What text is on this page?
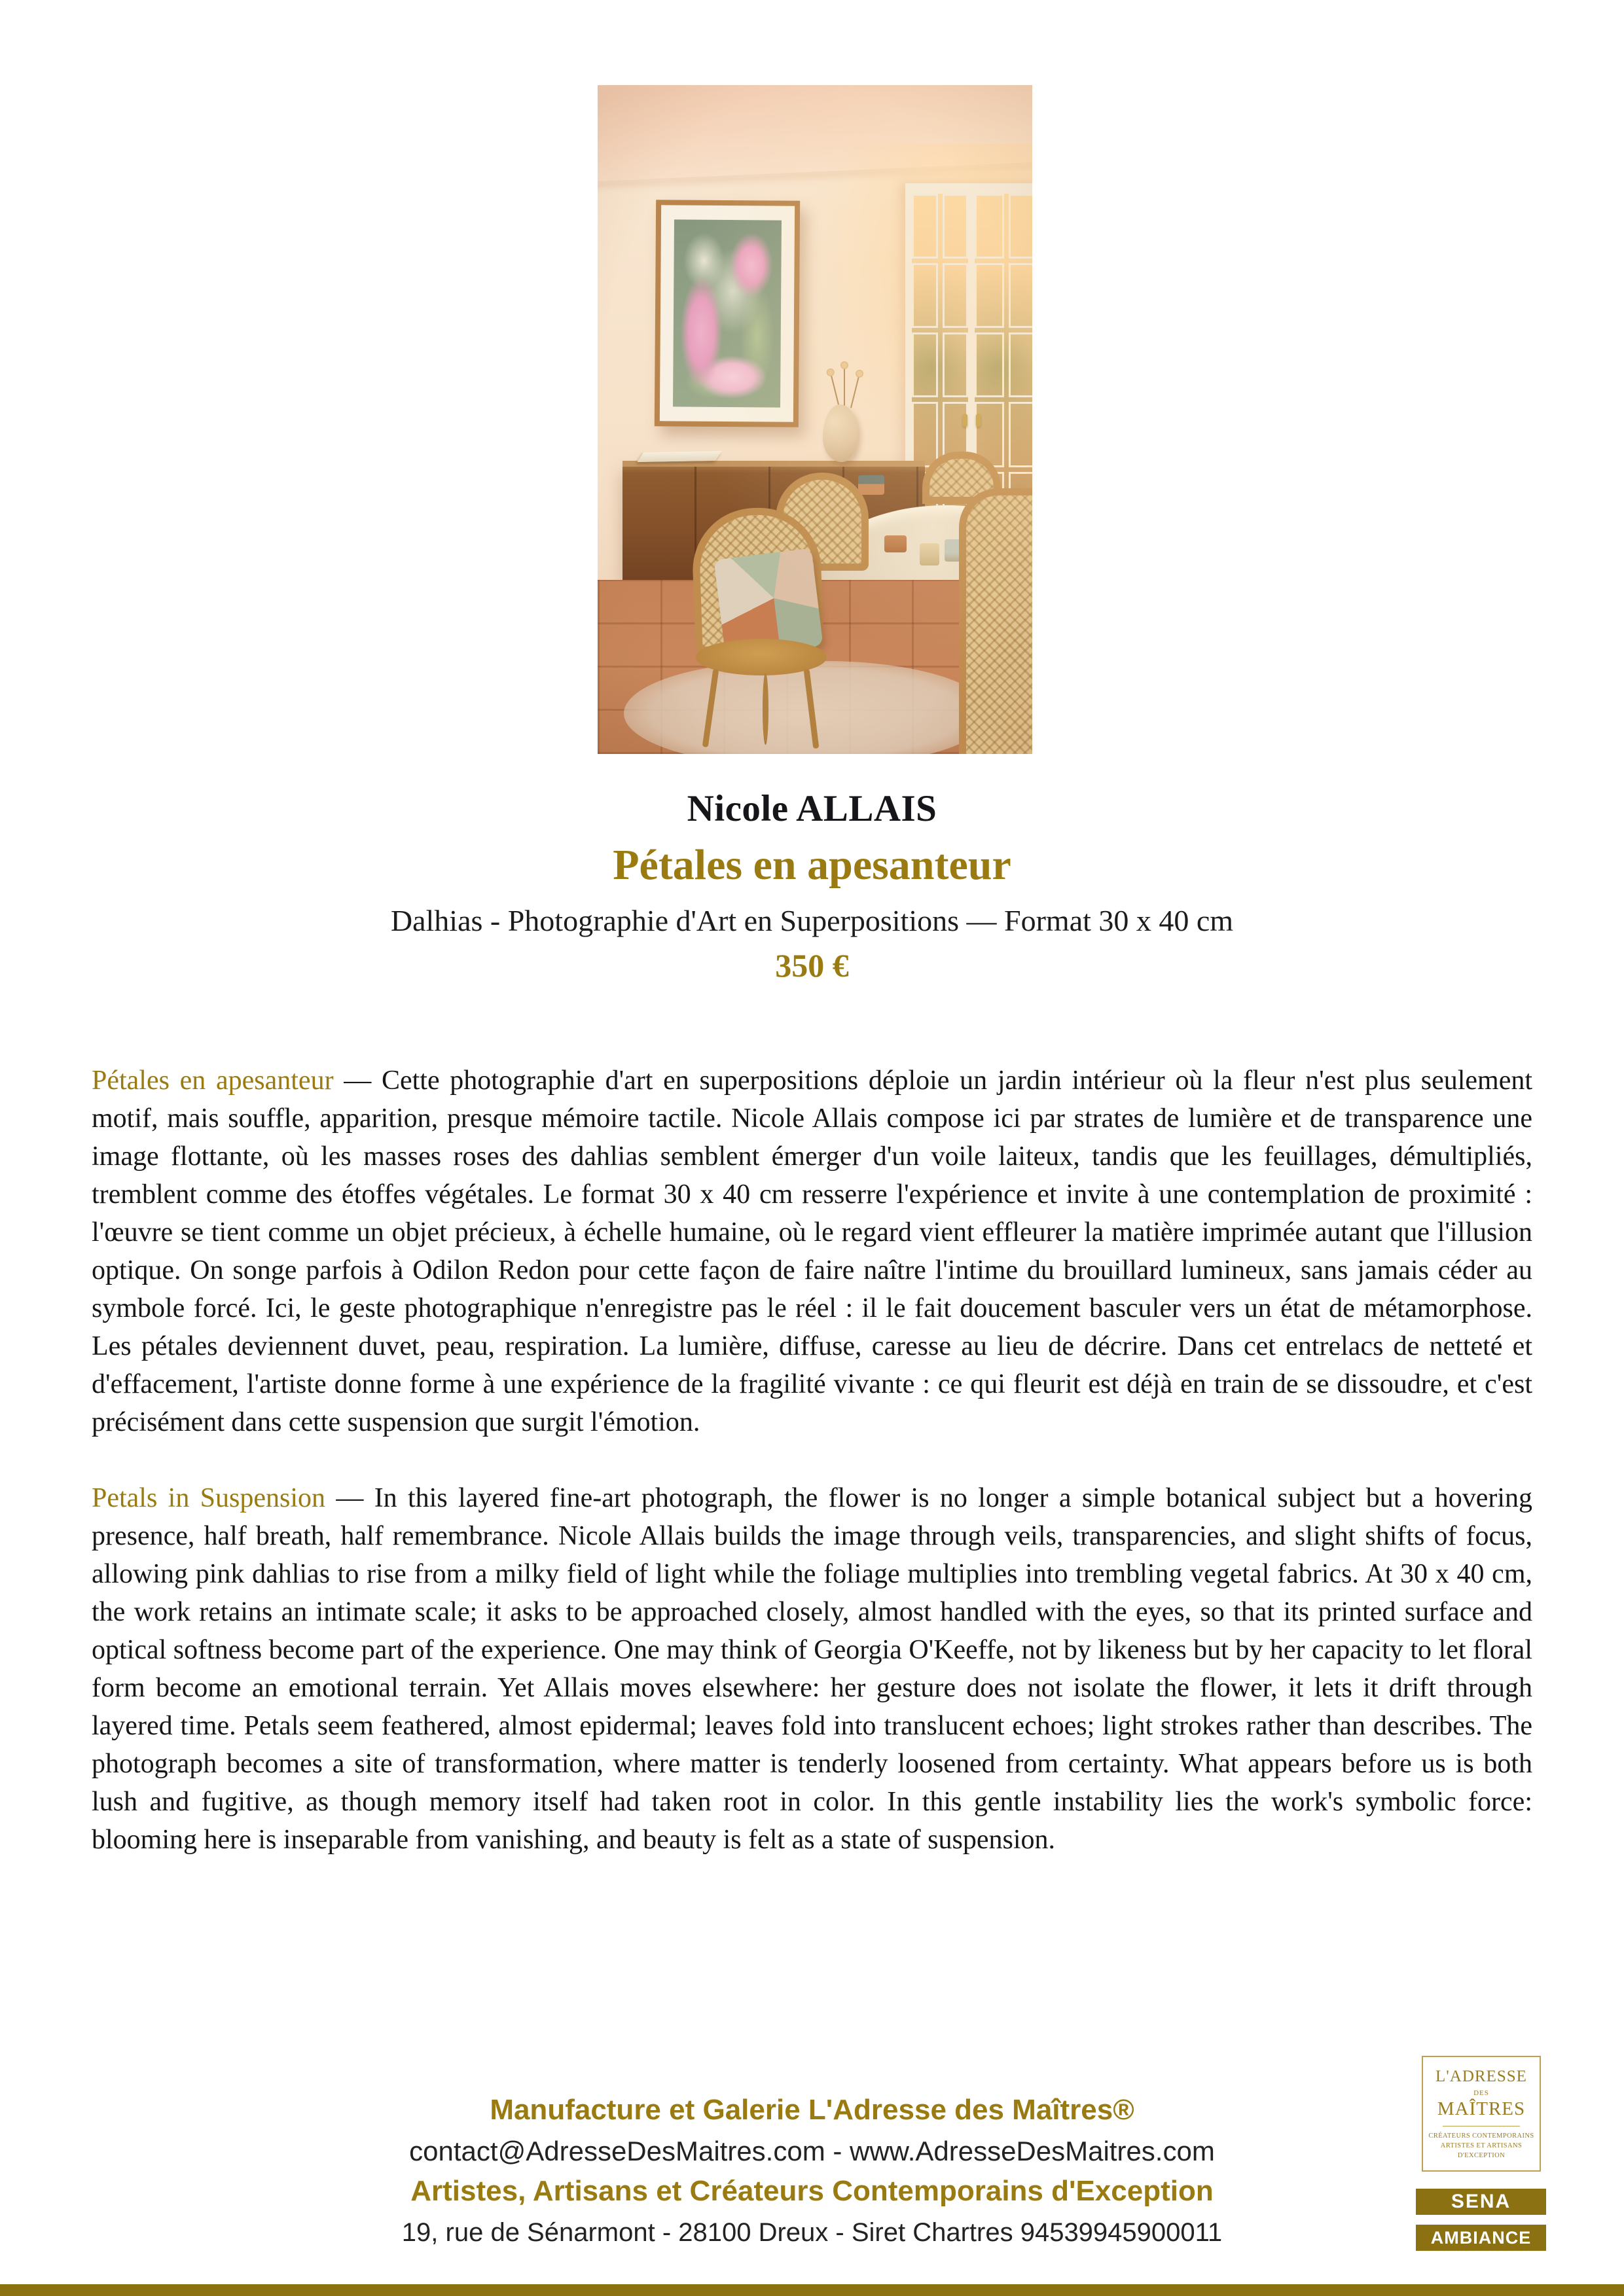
Nicole ALLAIS
Pétales en apesanteur
Dalhias - Photographie d'Art en Superpositions — Format 30 x 40 cm
350 €

Pétales en apesanteur — Cette photographie d'art en superpositions déploie un jardin intérieur où la fleur n'est plus seulement motif, mais souffle, apparition, presque mémoire tactile. Nicole Allais compose ici par strates de lumière et de transparence une image flottante, où les masses roses des dahlias semblent émerger d'un voile laiteux, tandis que les feuillages, démultipliés, tremblent comme des étoffes végétales. Le format 30 x 40 cm resserre l'expérience et invite à une contemplation de proximité : l'œuvre se tient comme un objet précieux, à échelle humaine, où le regard vient effleurer la matière imprimée autant que l'illusion optique. On songe parfois à Odilon Redon pour cette façon de faire naître l'intime du brouillard lumineux, sans jamais céder au symbole forcé. Ici, le geste photographique n'enregistre pas le réel : il le fait doucement basculer vers un état de métamorphose. Les pétales deviennent duvet, peau, respiration. La lumière, diffuse, caresse au lieu de décrire. Dans cet entrelacs de netteté et d'effacement, l'artiste donne forme à une expérience de la fragilité vivante : ce qui fleurit est déjà en train de se dissoudre, et c'est précisément dans cette suspension que surgit l'émotion.

Petals in Suspension — In this layered fine-art photograph, the flower is no longer a simple botanical subject but a hovering presence, half breath, half remembrance. Nicole Allais builds the image through veils, transparencies, and slight shifts of focus, allowing pink dahlias to rise from a milky field of light while the foliage multiplies into trembling vegetal fabrics. At 30 x 40 cm, the work retains an intimate scale; it asks to be approached closely, almost handled with the eyes, so that its printed surface and optical softness become part of the experience. One may think of Georgia O'Keeffe, not by likeness but by her capacity to let floral form become an emotional terrain. Yet Allais moves elsewhere: her gesture does not isolate the flower, it lets it drift through layered time. Petals seem feathered, almost epidermal; leaves fold into translucent echoes; light strokes rather than describes. The photograph becomes a site of transformation, where matter is tenderly loosened from certainty. What appears before us is both lush and fugitive, as though memory itself had taken root in color. In this gentle instability lies the work's symbolic force: blooming here is inseparable from vanishing, and beauty is felt as a state of suspension.

Manufacture et Galerie L'Adresse des Maîtres®
contact@AdresseDesMaitres.com - www.AdresseDesMaitres.com
Artistes, Artisans et Créateurs Contemporains d'Exception
19, rue de Sénarmont - 28100 Dreux - Siret Chartres 94539945900011
L'ADRESSE
DES
MAÎTRES
CRÉATEURS CONTEMPORAINS
ARTISTES ET ARTISANS
D'EXCEPTION
SENA
AMBIANCE
